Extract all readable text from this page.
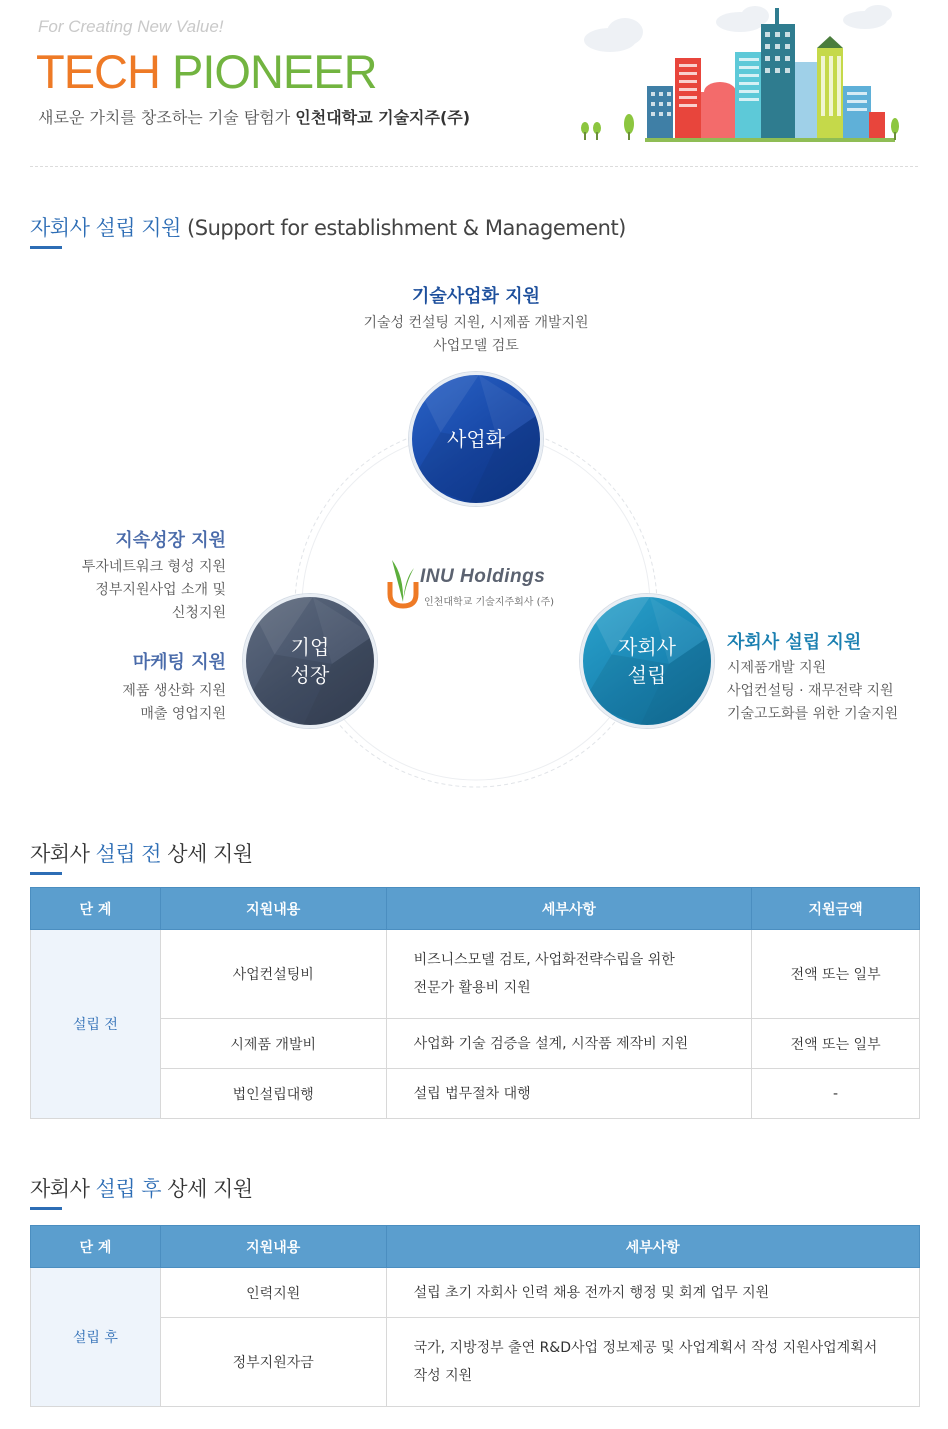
For Creating New Value!
TECH PIONEER
새로운 가치를 창조하는 기술 탐험가 인천대학교 기술지주(주)
자회사 설립 지원 (Support for establishment & Management)
기술사업화 지원
기술성 컨설팅 지원, 시제품 개발지원
사업모델 검토
사업화
기업
성장
자회사
설립
INU Holdings
인천대학교 기술지주회사 (주)
지속성장 지원
투자네트워크 형성 지원
정부지원사업 소개 및
신청지원
마케팅 지원
제품 생산화 지원
매출 영업지원
자회사 설립 지원
시제품개발 지원
사업컨설팅 · 재무전략 지원
기술고도화를 위한 기술지원
자회사 설립 전 상세 지원
단 계	지원내용	세부사항	지원금액
설립 전	사업컨설팅비	비즈니스모델 검토, 사업화전략수립을 위한
전문가 활용비 지원	전액 또는 일부
	시제품 개발비	사업화 기술 검증을 설계, 시작품 제작비 지원	전액 또는 일부
	법인설립대행	설립 법무절차 대행	-
자회사 설립 후 상세 지원
단 계	지원내용	세부사항
설립 후	인력지원	설립 초기 자회사 인력 채용 전까지 행정 및 회계 업무 지원
	정부지원자금	국가, 지방정부 출연 R&D사업 정보제공 및 사업계획서 작성 지원사업계획서
작성 지원
